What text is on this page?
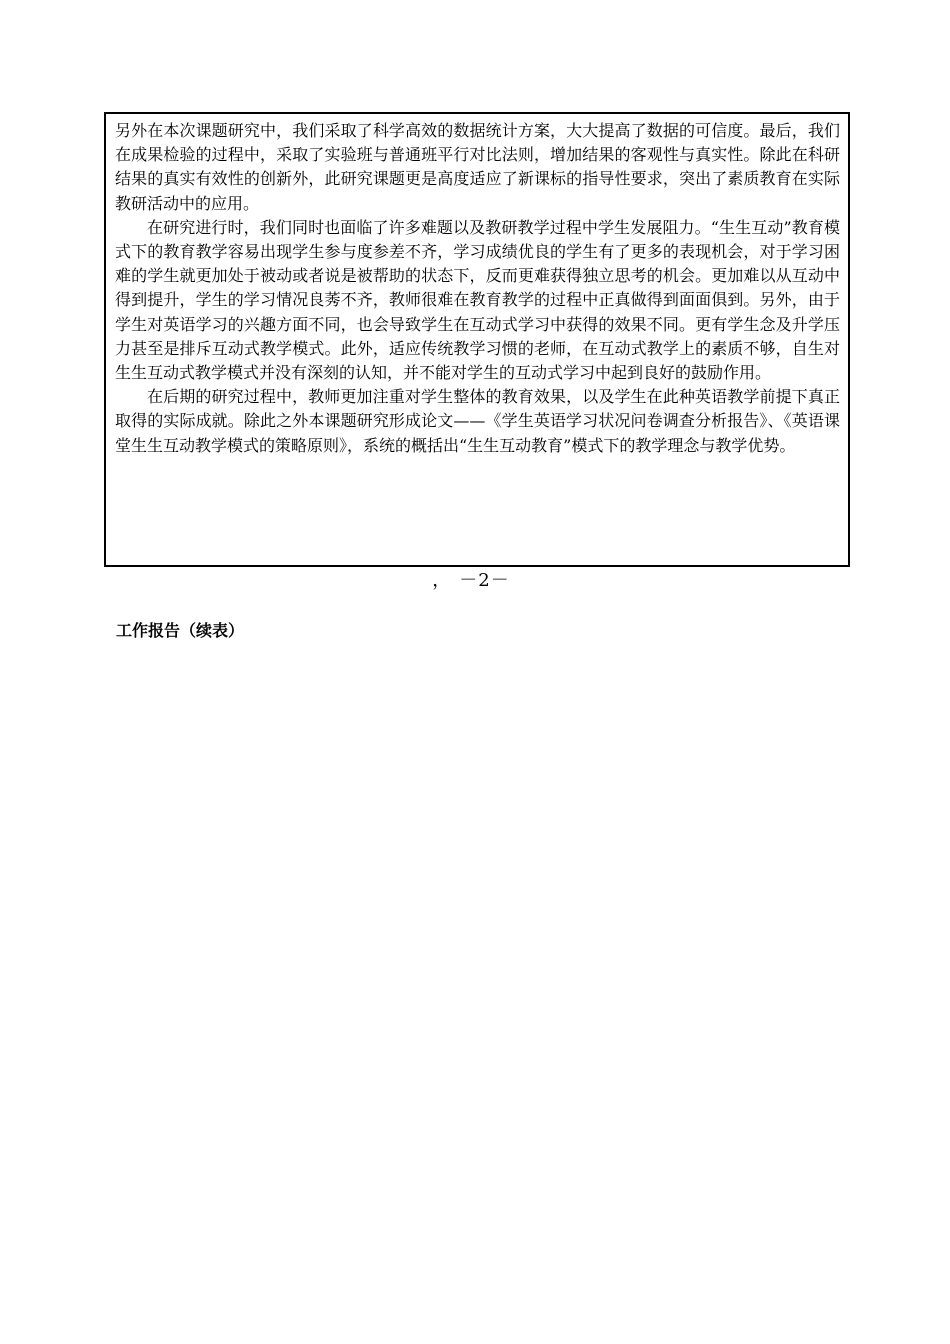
另外在本次课题研究中，我们采取了科学高效的数据统计方案，大大提高了数据的可信度。最后，我们在成果检验的过程中，采取了实验班与普通班平行对比法则，增加结果的客观性与真实性。除此在科研结果的真实有效性的创新外，此研究课题更是高度适应了新课标的指导性要求，突出了素质教育在实际教研活动中的应用。

在研究进行时，我们同时也面临了许多难题以及教研教学过程中学生发展阻力。“生生互动”教育模式下的教育教学容易出现学生参与度参差不齐，学习成绩优良的学生有了更多的表现机会，对于学习困难的学生就更加处于被动或者说是被帮助的状态下，反而更难获得独立思考的机会。更加难以从互动中得到提升，学生的学习情况良莠不齐，教师很难在教育教学的过程中正真做得到面面俱到。另外，由于学生对英语学习的兴趣方面不同，也会导致学生在互动式学习中获得的效果不同。更有学生念及升学压力甚至是排斥互动式教学模式。此外，适应传统教学习惯的老师，在互动式教学上的素质不够，自生对生生互动式教学模式并没有深刻的认知，并不能对学生的互动式学习中起到良好的鼓励作用。

在后期的研究过程中，教师更加注重对学生整体的教育效果，以及学生在此种英语教学前提下真正取得的实际成就。除此之外本课题研究形成论文——《学生英语学习状况问卷调查分析报告》、《英语课堂生生互动教学模式的策略原则》，系统的概括出“生生互动教育”模式下的教学理念与教学优势。

， －2－
工作报告（续表）
